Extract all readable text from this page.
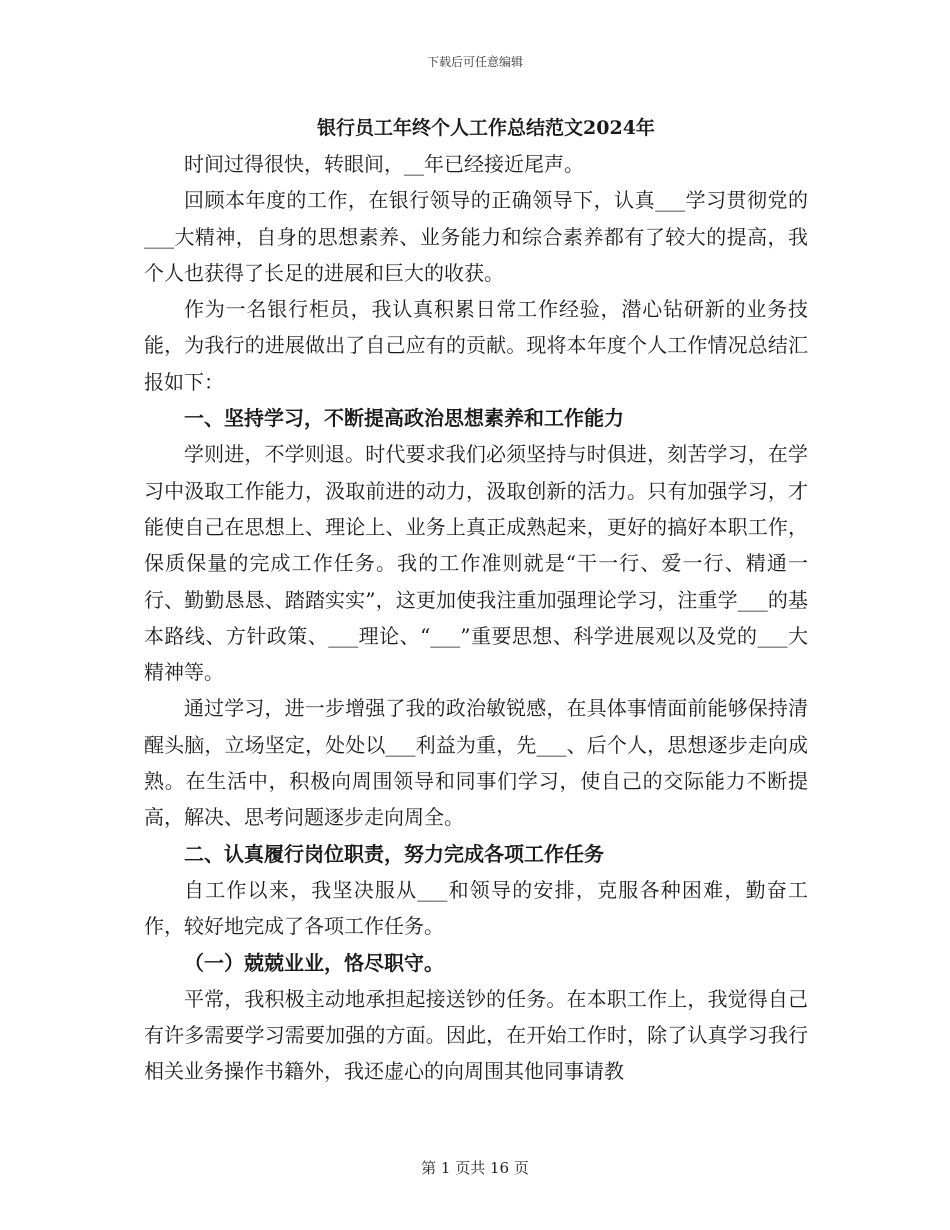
下载后可任意编辑

银行员工年终个人工作总结范文2024年

时间过得很快，转眼间，__年已经接近尾声。

回顾本年度的工作，在银行领导的正确领导下，认真___学习贯彻党的___大精神，自身的思想素养、业务能力和综合素养都有了较大的提高，我个人也获得了长足的进展和巨大的收获。

作为一名银行柜员，我认真积累日常工作经验，潜心钻研新的业务技能，为我行的进展做出了自己应有的贡献。现将本年度个人工作情况总结汇报如下：

一、坚持学习，不断提高政治思想素养和工作能力

学则进，不学则退。时代要求我们必须坚持与时俱进，刻苦学习，在学习中汲取工作能力，汲取前进的动力，汲取创新的活力。只有加强学习，才能使自己在思想上、理论上、业务上真正成熟起来，更好的搞好本职工作，保质保量的完成工作任务。我的工作准则就是“干一行、爱一行、精通一行、勤勤恳恳、踏踏实实”，这更加使我注重加强理论学习，注重学___的基本路线、方针政策、___理论、“___”重要思想、科学进展观以及党的___大精神等。

通过学习，进一步增强了我的政治敏锐感，在具体事情面前能够保持清醒头脑，立场坚定，处处以___利益为重，先___、后个人，思想逐步走向成熟。在生活中，积极向周围领导和同事们学习，使自己的交际能力不断提高，解决、思考问题逐步走向周全。

二、认真履行岗位职责，努力完成各项工作任务

自工作以来，我坚决服从___和领导的安排，克服各种困难，勤奋工作，较好地完成了各项工作任务。

（一）兢兢业业，恪尽职守。

平常，我积极主动地承担起接送钞的任务。在本职工作上，我觉得自己有许多需要学习需要加强的方面。因此，在开始工作时，除了认真学习我行相关业务操作书籍外，我还虚心的向周围其他同事请教

第 1 页共 16 页
